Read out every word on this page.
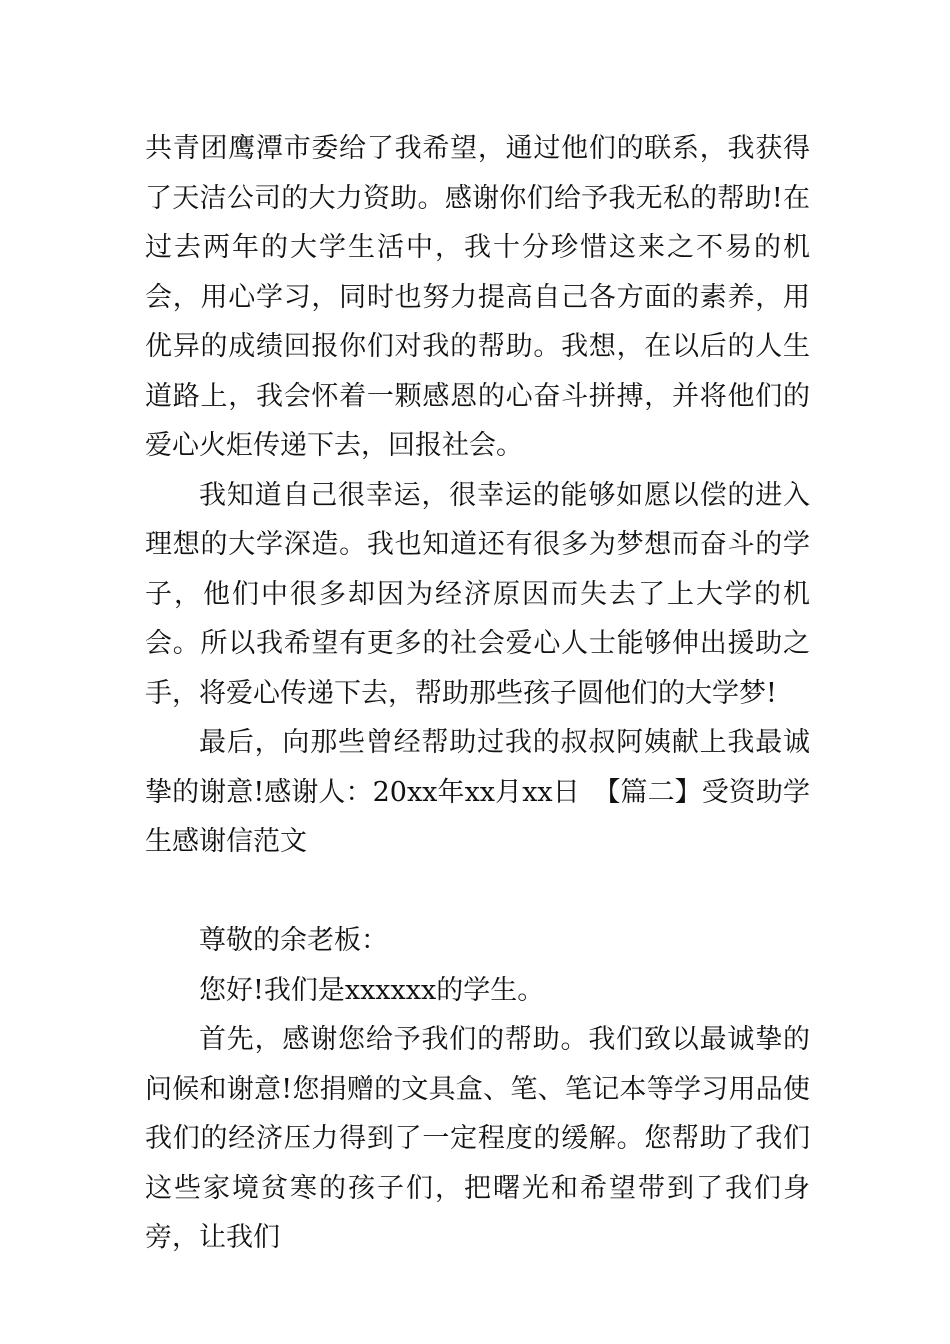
共青团鹰潭市委给了我希望，通过他们的联系，我获得了天洁公司的大力资助。感谢你们给予我无私的帮助!在过去两年的大学生活中，我十分珍惜这来之不易的机会，用心学习，同时也努力提高自己各方面的素养，用优异的成绩回报你们对我的帮助。我想，在以后的人生道路上，我会怀着一颗感恩的心奋斗拼搏，并将他们的爱心火炬传递下去，回报社会。

我知道自己很幸运，很幸运的能够如愿以偿的进入理想的大学深造。我也知道还有很多为梦想而奋斗的学子，他们中很多却因为经济原因而失去了上大学的机会。所以我希望有更多的社会爱心人士能够伸出援助之手，将爱心传递下去，帮助那些孩子圆他们的大学梦!

最后，向那些曾经帮助过我的叔叔阿姨献上我最诚挚的谢意!感谢人：20xx年xx月xx日　【篇二】受资助学生感谢信范文

尊敬的余老板：

您好!我们是xxxxxx的学生。

首先，感谢您给予我们的帮助。我们致以最诚挚的问候和谢意!您捐赠的文具盒、笔、笔记本等学习用品使我们的经济压力得到了一定程度的缓解。您帮助了我们这些家境贫寒的孩子们，把曙光和希望带到了我们身旁，让我们
